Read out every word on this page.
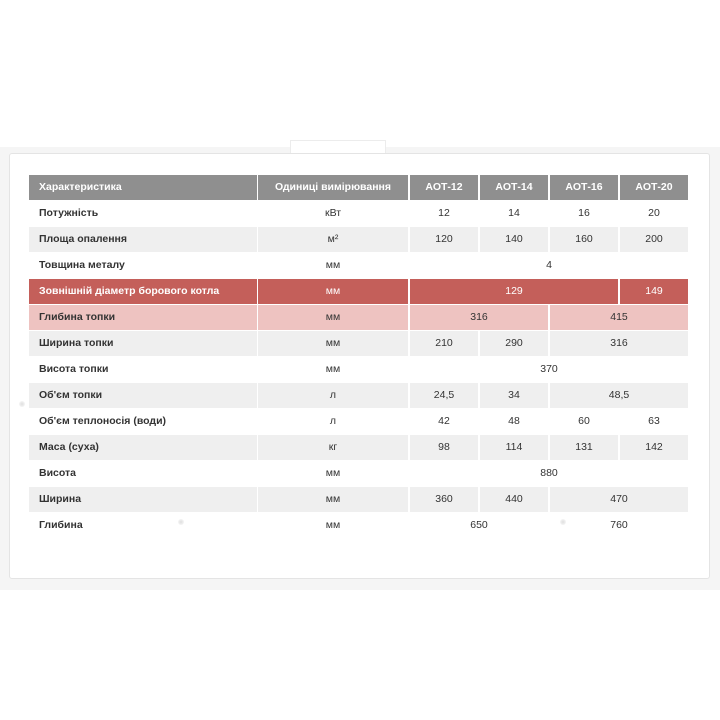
Характеристика	Одиниці вимірювання	АОТ-12	АОТ-14	АОТ-16	АОТ-20
Потужність	кВт	12	14	16	20
Площа опалення	м²	120	140	160	200
Товщина металу	мм	4
Зовнішній діаметр борового котла	мм	129	149
Глибина топки	мм	316	415
Ширина топки	мм	210	290	316
Висота топки	мм	370
Об'єм топки	л	24,5	34	48,5
Об'єм теплоносія (води)	л	42	48	60	63
Маса (суха)	кг	98	114	131	142
Висота	мм	880
Ширина	мм	360	440	470
Глибина	мм	650	760
